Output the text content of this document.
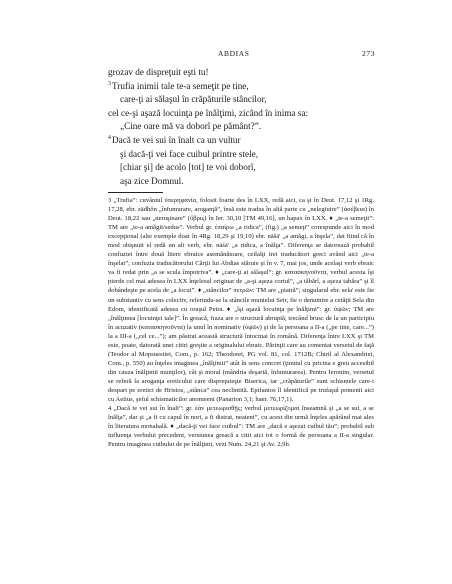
ABDIAS	273
grozav de dispreţuit eşti tu!
$^3$Trufia inimii tale te-a semeţit pe tine,
care-ţi ai sălaşul în crăpăturile stâncilor,
cel ce-şi aşază locuinţa pe înălţimi, zicând în inima sa:
„Cine oare mă va doborî pe pământ?”.
$^4$Dacă te vei sui în înalt ca un vultur
şi dacă-ţi vei face cuibul printre stele,
[chiar şi] de acolo [tot] te voi doborî,
aşa zice Domnul.

3 „Trufia”: cuvântul ὑπερηφανία, folosit foarte des în LXX, redă aici, ca şi în Deut. 17,12 şi 1Rg. 17,28, ebr. zādhôn „înfumurare, aroganţă”, însă este tradus în altă parte cu „nelegiuire” (ἀσέβεια) în Deut. 18,22 sau „neruşinare” (ὕβρις) în Ier. 30,10 [TM 49,16], un hapax în LXX. ♦ „te-a semeţit”: TM are „te-a amăgit/sedus”. Verbul gr. ἐπαίρω „a ridica”, (fig.) „a semeţi” corespunde aici în mod excepţional (alte exemple doar în 4Rg. 18,29 şi 19,10) ebr. nāšā' „a amăgi, a înşela”, dat fiind că în mod obişnuit el redă un alt verb, ebr. nāśā' „a ridica, a înălţa”. Diferenţa se datorează probabil confuziei între două litere ebraice asemănătoare, ceilalţi trei traducători greci având aici „te-a înşelat”; confuzia traducătorului Cărţii lui Abdias stăruie şi în v. 7, mai jos, unde acelaşi verb ebraic va fi redat prin „a se scula împotriva”. ♦ „care-ţi ai sălaşul”: gr. κατασκηνοῦντα, verbul acesta îşi pierde cel mai adesea în LXX înţelesul originar de „a-şi aşeza cortul”, „a tăbărî, a aşeza tabăra” şi îl dobândeşte pe acela de „a locui”. ♦ „stâncilor” πετρῶν: TM are „piatră”; singularul ebr. sela' este fie un substantiv cu sens colectiv, referindu-se la stâncile muntelui Seir, fie o denumire a cetăţii Sela din Edom, identificată adesea cu oraşul Petra. ♦ „îşi aşază locuinţa pe înălţimi”: gr. ὑψῶν; TM are „înălţimea [locuinţei tale]”. În greacă, fraza are o structură abruptă, trecând brusc de la un participiu în acuzativ (κατασκηνοῦντα) la unul în nominativ (ὑψῶν) şi de la persoana a II-a („pe tine, care...”) la a III-a („cel ce...”); am păstrat această structură întocmai în română. Diferenţa între LXX şi TM este, poate, datorată unei citiri greşite a originalului ebraic. Părinţii care au comentat versetul de faţă (Teodor al Mopsuestiei, Com., p. 162; Theodoret, PG vol. 81, col. 1712B; Chiril al Alexandriei, Com., p. 550) au înţeles imaginea „înălţimii” atât în sens concret (ţinutul cu pricina e greu accesibil din cauza înălţimii munţilor), cât şi moral (mândria deşartă, înfumurarea). Pentru Ieronim, versetul se referă la aroganţa ereticului care dispreţuieşte Biserica, iar „crăpăturile” sunt schismele care-i despart pe eretici de Hristos, „stânca” cea neclintită. Epifanios îl identifică pe trufaşul pomenit aici cu Aetius, şeful schismaticilor anomeeni (Panarion 3,1; haer. 76,17,1).

4 „Dacă te vei sui în înalt”: gr. ἐὰν μετεωρισθῇς; verbul μετεωρίζομαι înseamnă şi „a se sui, a se înălţa”, dar şi „a fi cu capul în nori, a fi distrat, neatent”, cu acest din urmă înţeles apărând mai ales în literatura monahală. ♦ „dacă-ţi vei face cuibul”: TM are „dacă e aşezat cuibul tău”; probabil sub influenţa verbului precedent, versiunea greacă a citit aici tot o formă de persoana a II-a singular. Pentru imaginea cuibului de pe înălţimi, vezi Num. 24,21 şi Av. 2,9b.
